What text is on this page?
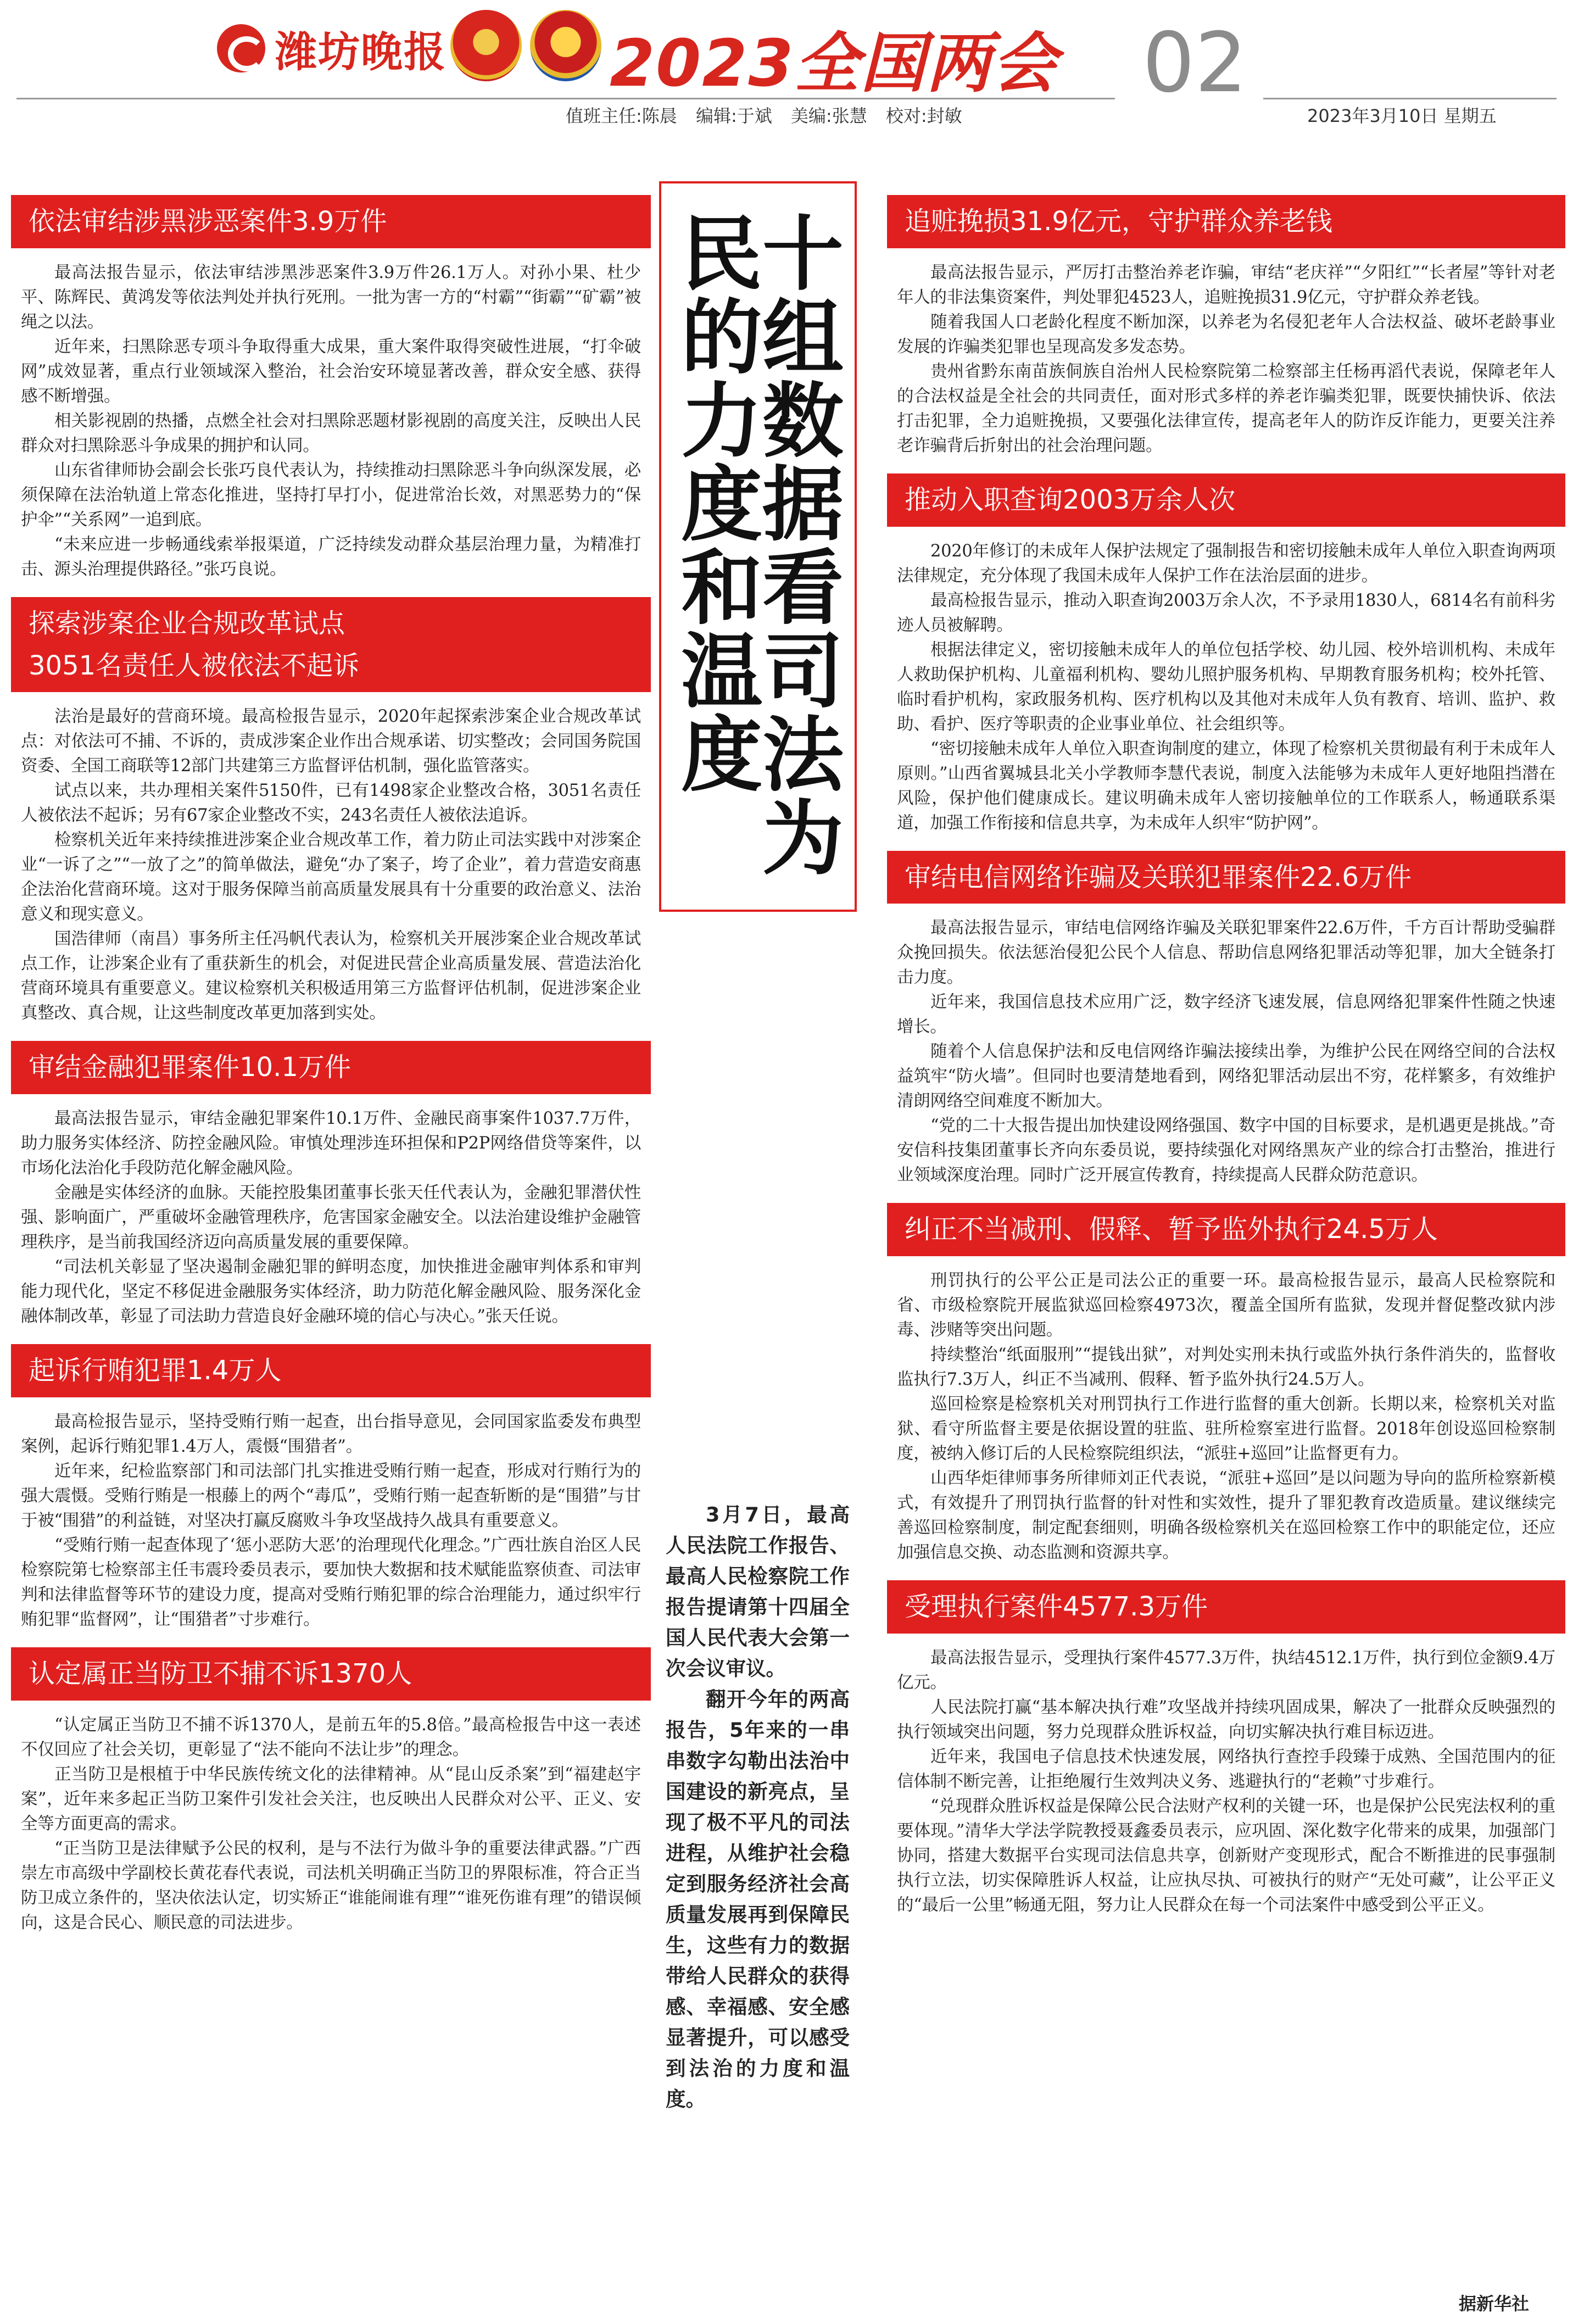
潍坊晚报	2023全国两会 02
值班主任:陈晨 编辑:于斌 美编:张慧 校对:封敏	2023年3月10日 星期五
依法审结涉黑涉恶案件3.9万件

最高法报告显示，依法审结涉黑涉恶案件3.9万件26.1万人。对孙小果、杜少平、陈辉民、黄鸿发等依法判处并执行死刑。一批为害一方的“村霸”“街霸”“矿霸”被绳之以法。

近年来，扫黑除恶专项斗争取得重大成果，重大案件取得突破性进展，“打伞破网”成效显著，重点行业领域深入整治，社会治安环境显著改善，群众安全感、获得感不断增强。

相关影视剧的热播，点燃全社会对扫黑除恶题材影视剧的高度关注，反映出人民群众对扫黑除恶斗争成果的拥护和认同。

山东省律师协会副会长张巧良代表认为，持续推动扫黑除恶斗争向纵深发展，必须保障在法治轨道上常态化推进，坚持打早打小，促进常治长效，对黑恶势力的“保护伞”“关系网”一追到底。

“未来应进一步畅通线索举报渠道，广泛持续发动群众基层治理力量，为精准打击、源头治理提供路径。”张巧良说。

探索涉案企业合规改革试点
3051名责任人被依法不起诉

法治是最好的营商环境。最高检报告显示，2020年起探索涉案企业合规改革试点：对依法可不捕、不诉的，责成涉案企业作出合规承诺、切实整改；会同国务院国资委、全国工商联等12部门共建第三方监督评估机制，强化监管落实。

试点以来，共办理相关案件5150件，已有1498家企业整改合格，3051名责任人被依法不起诉；另有67家企业整改不实，243名责任人被依法追诉。

检察机关近年来持续推进涉案企业合规改革工作，着力防止司法实践中对涉案企业“一诉了之”“一放了之”的简单做法，避免“办了案子，垮了企业”，着力营造安商惠企法治化营商环境。这对于服务保障当前高质量发展具有十分重要的政治意义、法治意义和现实意义。

国浩律师（南昌）事务所主任冯帆代表认为，检察机关开展涉案企业合规改革试点工作，让涉案企业有了重获新生的机会，对促进民营企业高质量发展、营造法治化营商环境具有重要意义。建议检察机关积极适用第三方监督评估机制，促进涉案企业真整改、真合规，让这些制度改革更加落到实处。

审结金融犯罪案件10.1万件

最高法报告显示，审结金融犯罪案件10.1万件、金融民商事案件1037.7万件，助力服务实体经济、防控金融风险。审慎处理涉连环担保和P2P网络借贷等案件，以市场化法治化手段防范化解金融风险。

金融是实体经济的血脉。天能控股集团董事长张天任代表认为，金融犯罪潜伏性强、影响面广，严重破坏金融管理秩序，危害国家金融安全。以法治建设维护金融管理秩序，是当前我国经济迈向高质量发展的重要保障。

“司法机关彰显了坚决遏制金融犯罪的鲜明态度，加快推进金融审判体系和审判能力现代化，坚定不移促进金融服务实体经济，助力防范化解金融风险、服务深化金融体制改革，彰显了司法助力营造良好金融环境的信心与决心。”张天任说。

起诉行贿犯罪1.4万人

最高检报告显示，坚持受贿行贿一起查，出台指导意见，会同国家监委发布典型案例，起诉行贿犯罪1.4万人，震慑“围猎者”。

近年来，纪检监察部门和司法部门扎实推进受贿行贿一起查，形成对行贿行为的强大震慑。受贿行贿是一根藤上的两个“毒瓜”，受贿行贿一起查斩断的是“围猎”与甘于被“围猎”的利益链，对坚决打赢反腐败斗争攻坚战持久战具有重要意义。

“受贿行贿一起查体现了‘惩小恶防大恶’的治理现代化理念。”广西壮族自治区人民检察院第七检察部主任韦震玲委员表示，要加快大数据和技术赋能监察侦查、司法审判和法律监督等环节的建设力度，提高对受贿行贿犯罪的综合治理能力，通过织牢行贿犯罪“监督网”，让“围猎者”寸步难行。

认定属正当防卫不捕不诉1370人

“认定属正当防卫不捕不诉1370人，是前五年的5.8倍。”最高检报告中这一表述不仅回应了社会关切，更彰显了“法不能向不法让步”的理念。

正当防卫是根植于中华民族传统文化的法律精神。从“昆山反杀案”到“福建赵宇案”，近年来多起正当防卫案件引发社会关注，也反映出人民群众对公平、正义、安全等方面更高的需求。

“正当防卫是法律赋予公民的权利，是与不法行为做斗争的重要法律武器。”广西崇左市高级中学副校长黄花春代表说，司法机关明确正当防卫的界限标准，符合正当防卫成立条件的，坚决依法认定，切实矫正“谁能闹谁有理”“谁死伤谁有理”的错误倾向，这是合民心、顺民意的司法进步。

十组数据看司法为民的力度和温度

3月7日，最高人民法院工作报告、最高人民检察院工作报告提请第十四届全国人民代表大会第一次会议审议。

翻开今年的两高报告，5年来的一串串数字勾勒出法治中国建设的新亮点，呈现了极不平凡的司法进程，从维护社会稳定到服务经济社会高质量发展再到保障民生，这些有力的数据带给人民群众的获得感、幸福感、安全感显著提升，可以感受到法治的力度和温度。

追赃挽损31.9亿元，守护群众养老钱

最高法报告显示，严厉打击整治养老诈骗，审结“老庆祥”“夕阳红”“长者屋”等针对老年人的非法集资案件，判处罪犯4523人，追赃挽损31.9亿元，守护群众养老钱。

随着我国人口老龄化程度不断加深，以养老为名侵犯老年人合法权益、破坏老龄事业发展的诈骗类犯罪也呈现高发多发态势。

贵州省黔东南苗族侗族自治州人民检察院第二检察部主任杨再滔代表说，保障老年人的合法权益是全社会的共同责任，面对形式多样的养老诈骗类犯罪，既要快捕快诉、依法打击犯罪，全力追赃挽损，又要强化法律宣传，提高老年人的防诈反诈能力，更要关注养老诈骗背后折射出的社会治理问题。

推动入职查询2003万余人次

2020年修订的未成年人保护法规定了强制报告和密切接触未成年人单位入职查询两项法律规定，充分体现了我国未成年人保护工作在法治层面的进步。

最高检报告显示，推动入职查询2003万余人次，不予录用1830人，6814名有前科劣迹人员被解聘。

根据法律定义，密切接触未成年人的单位包括学校、幼儿园、校外培训机构、未成年人救助保护机构、儿童福利机构、婴幼儿照护服务机构、早期教育服务机构；校外托管、临时看护机构，家政服务机构、医疗机构以及其他对未成年人负有教育、培训、监护、救助、看护、医疗等职责的企业事业单位、社会组织等。

“密切接触未成年人单位入职查询制度的建立，体现了检察机关贯彻最有利于未成年人原则。”山西省翼城县北关小学教师李慧代表说，制度入法能够为未成年人更好地阻挡潜在风险，保护他们健康成长。建议明确未成年人密切接触单位的工作联系人，畅通联系渠道，加强工作衔接和信息共享，为未成年人织牢“防护网”。

审结电信网络诈骗及关联犯罪案件22.6万件

最高法报告显示，审结电信网络诈骗及关联犯罪案件22.6万件，千方百计帮助受骗群众挽回损失。依法惩治侵犯公民个人信息、帮助信息网络犯罪活动等犯罪，加大全链条打击力度。

近年来，我国信息技术应用广泛，数字经济飞速发展，信息网络犯罪案件性随之快速增长。

随着个人信息保护法和反电信网络诈骗法接续出拳，为维护公民在网络空间的合法权益筑牢“防火墙”。但同时也要清楚地看到，网络犯罪活动层出不穷，花样繁多，有效维护清朗网络空间难度不断加大。

“党的二十大报告提出加快建设网络强国、数字中国的目标要求，是机遇更是挑战。”奇安信科技集团董事长齐向东委员说，要持续强化对网络黑灰产业的综合打击整治，推进行业领域深度治理。同时广泛开展宣传教育，持续提高人民群众防范意识。

纠正不当减刑、假释、暂予监外执行24.5万人

刑罚执行的公平公正是司法公正的重要一环。最高检报告显示，最高人民检察院和省、市级检察院开展监狱巡回检察4973次，覆盖全国所有监狱，发现并督促整改狱内涉毒、涉赌等突出问题。

持续整治“纸面服刑”“提钱出狱”，对判处实刑未执行或监外执行条件消失的，监督收监执行7.3万人，纠正不当减刑、假释、暂予监外执行24.5万人。

巡回检察是检察机关对刑罚执行工作进行监督的重大创新。长期以来，检察机关对监狱、看守所监督主要是依据设置的驻监、驻所检察室进行监督。2018年创设巡回检察制度，被纳入修订后的人民检察院组织法，“派驻+巡回”让监督更有力。

山西华炬律师事务所律师刘正代表说，“派驻+巡回”是以问题为导向的监所检察新模式，有效提升了刑罚执行监督的针对性和实效性，提升了罪犯教育改造质量。建议继续完善巡回检察制度，制定配套细则，明确各级检察机关在巡回检察工作中的职能定位，还应加强信息交换、动态监测和资源共享。

受理执行案件4577.3万件

最高法报告显示，受理执行案件4577.3万件，执结4512.1万件，执行到位金额9.4万亿元。

人民法院打赢“基本解决执行难”攻坚战并持续巩固成果，解决了一批群众反映强烈的执行领域突出问题，努力兑现群众胜诉权益，向切实解决执行难目标迈进。

近年来，我国电子信息技术快速发展，网络执行查控手段臻于成熟、全国范围内的征信体制不断完善，让拒绝履行生效判决义务、逃避执行的“老赖”寸步难行。

“兑现群众胜诉权益是保障公民合法财产权利的关键一环，也是保护公民宪法权利的重要体现。”清华大学法学院教授聂鑫委员表示，应巩固、深化数字化带来的成果，加强部门协同，搭建大数据平台实现司法信息共享，创新财产变现形式，配合不断推进的民事强制执行立法，切实保障胜诉人权益，让应执尽执、可被执行的财产“无处可藏”，让公平正义的“最后一公里”畅通无阻，努力让人民群众在每一个司法案件中感受到公平正义。

据新华社
